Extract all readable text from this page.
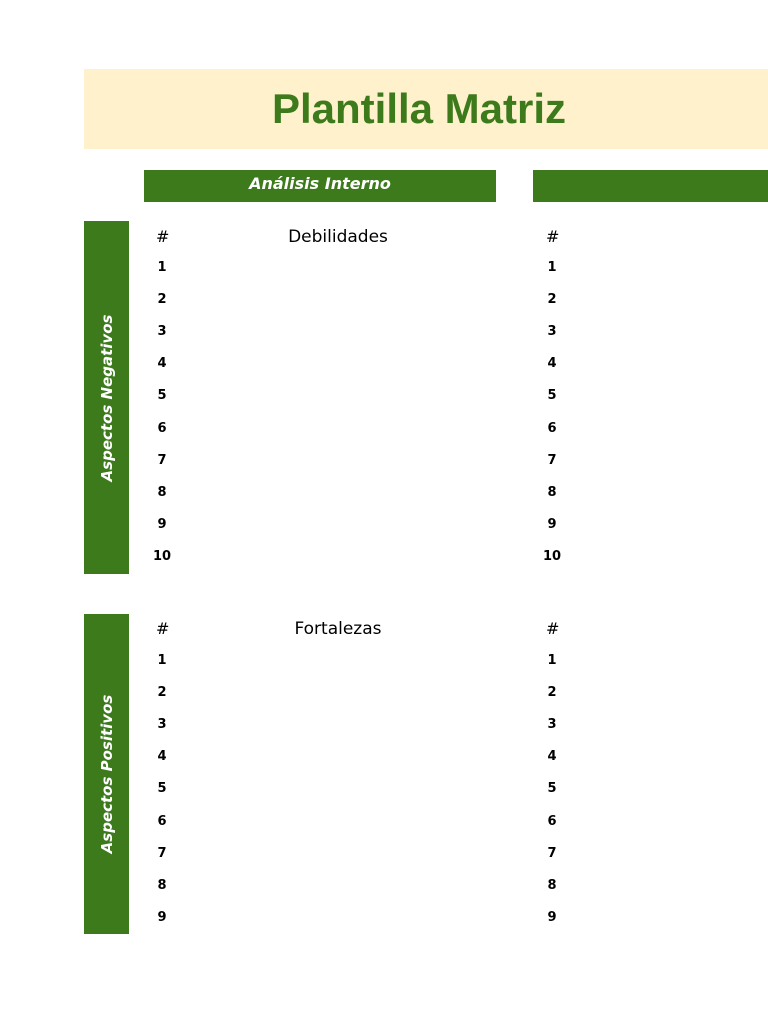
Plantilla Matriz
Análisis Interno
Aspectos Negativos
Aspectos Positivos
#	Debilidades	#
#	Fortalezas	#
1	1
2	2
3	3
4	4
5	5
6	6
7	7
8	8
9	9
10	10
1	1
2	2
3	3
4	4
5	5
6	6
7	7
8	8
9	9
